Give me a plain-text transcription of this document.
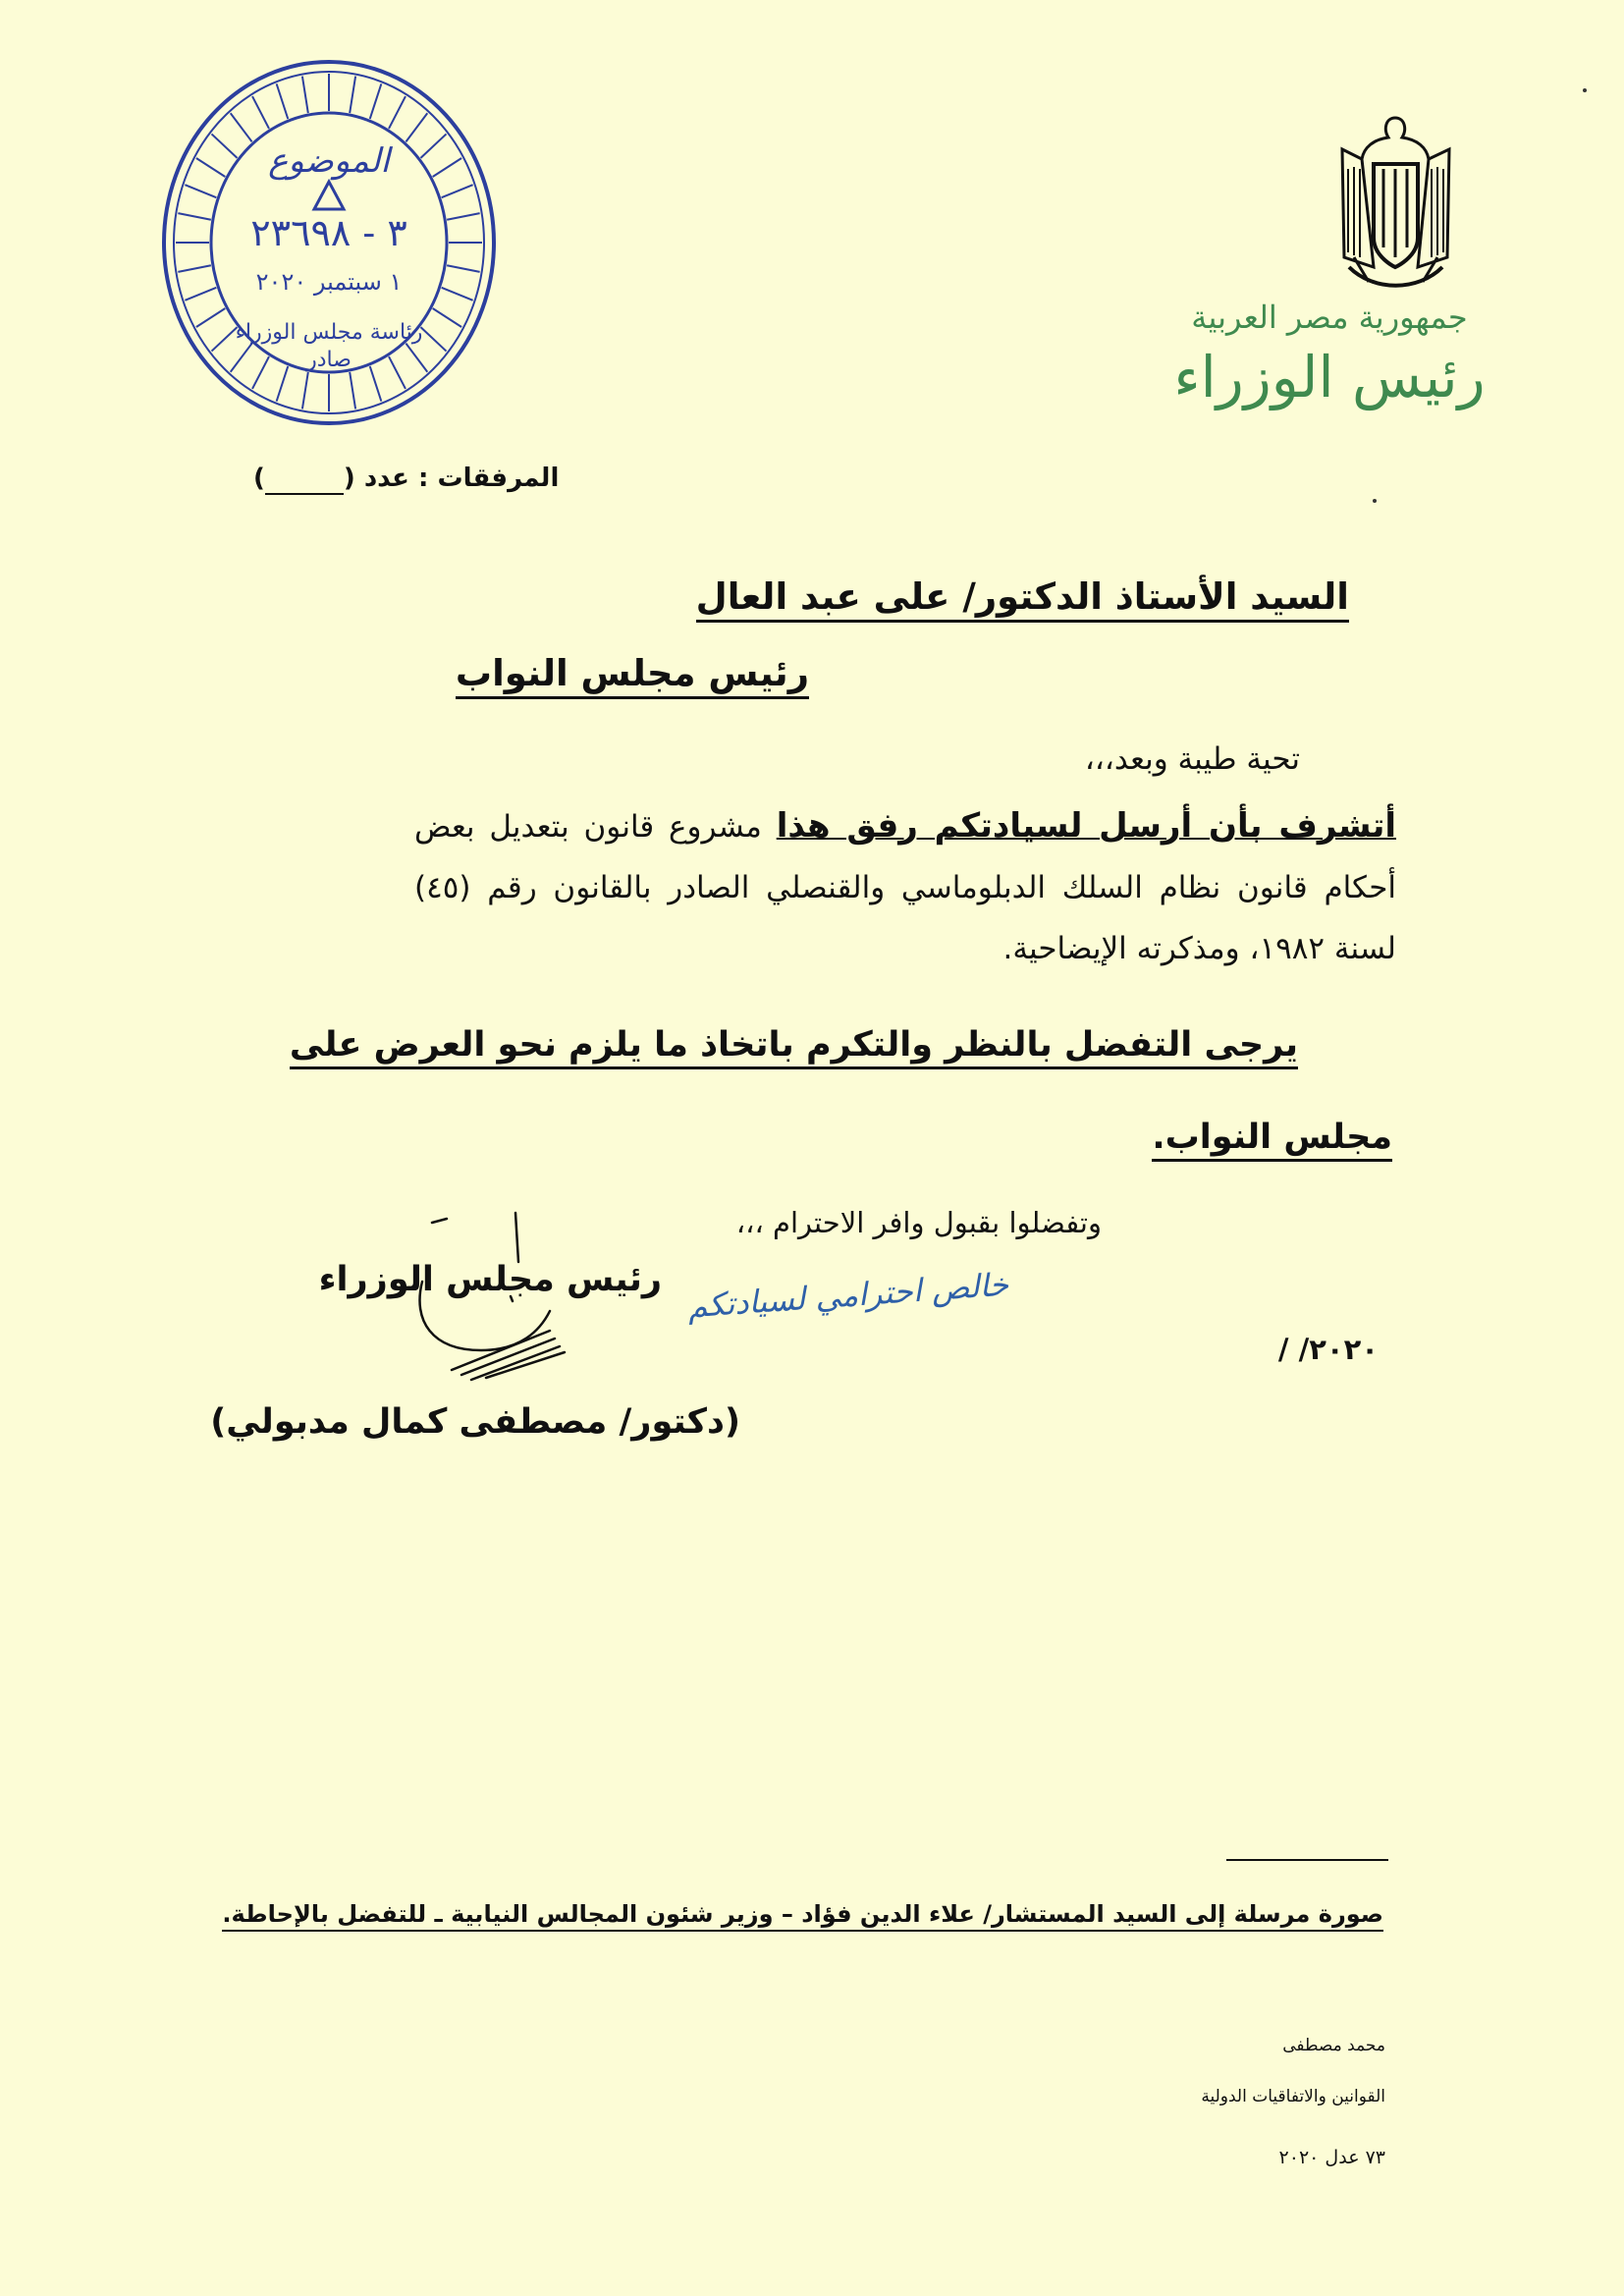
الموضوع
٣ - ٢٣٦٩٨
١ سبتمبر ٢٠٢٠
رئاسة مجلس الوزراء
صادر
جمهورية مصر العربية
رئيس الوزراء
المرفقات : عدد ( )
السيد الأستاذ الدكتور/ على عبد العال
رئيس مجلس النواب
تحية طيبة وبعد،،،
أتشرف بأن أرسل لسيادتكم رفق هذا مشروع قانون بتعديل بعض أحكام قانون نظام السلك الدبلوماسي والقنصلي الصادر بالقانون رقم (٤٥) لسنة ١٩٨٢، ومذكرته الإيضاحية.
يرجى التفضل بالنظر والتكرم باتخاذ ما يلزم نحو العرض على
مجلس النواب.
وتفضلوا بقبول وافر الاحترام ،،،
خالص احترامي لسيادتكم
رئيس مجلس الوزراء
/ /٢٠٢٠
(دكتور/ مصطفى كمال مدبولي)
صورة مرسلة إلى السيد المستشار/ علاء الدين فؤاد – وزير شئون المجالس النيابية ـ للتفضل بالإحاطة.
محمد مصطفى
القوانين والاتفاقيات الدولية
٧٣ عدل ٢٠٢٠
